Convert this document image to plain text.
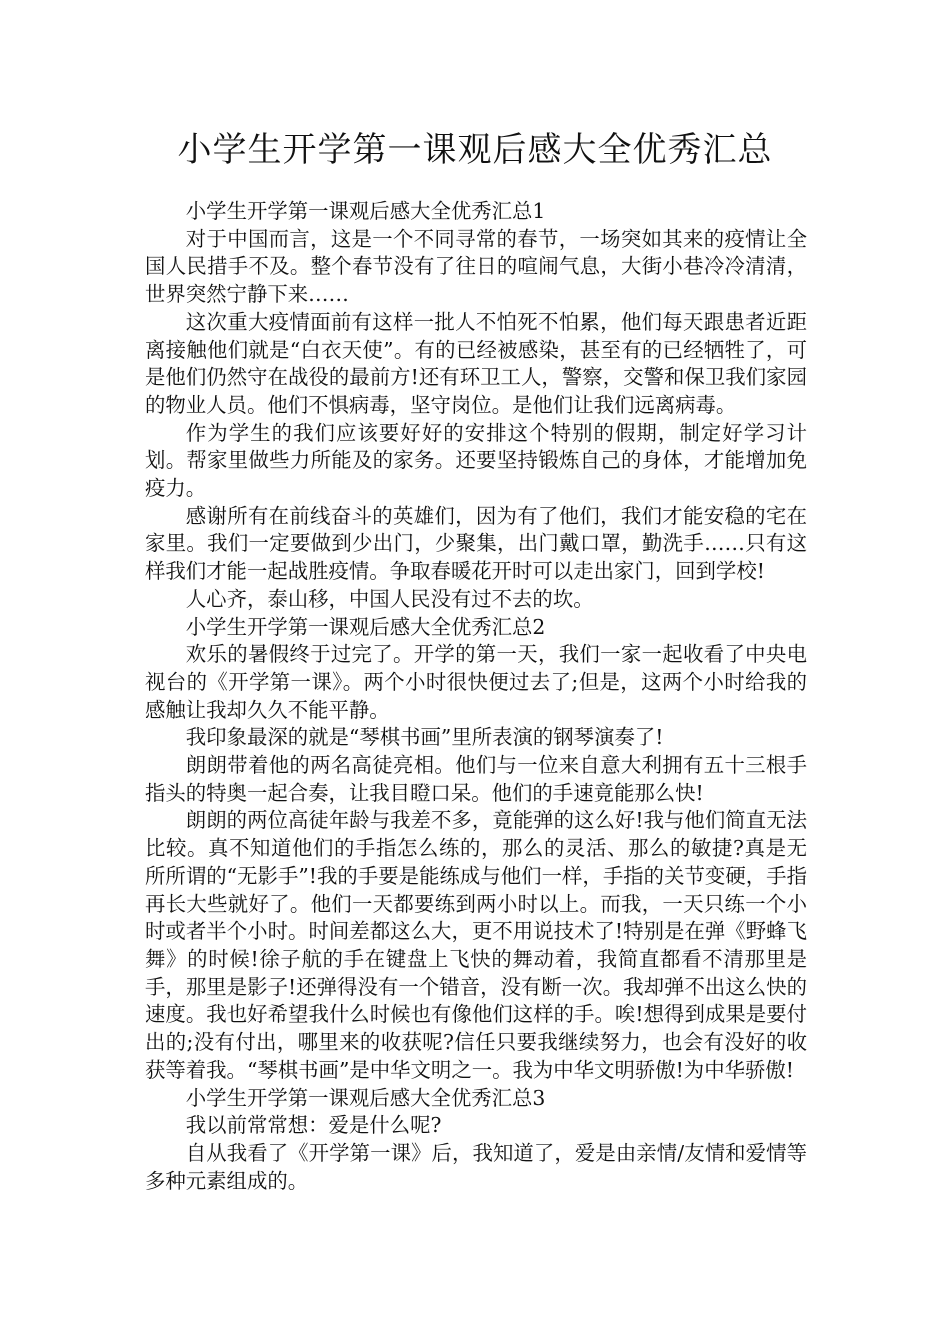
小学生开学第一课观后感大全优秀汇总

小学生开学第一课观后感大全优秀汇总1

对于中国而言，这是一个不同寻常的春节，一场突如其来的疫情让全国人民措手不及。整个春节没有了往日的喧闹气息，大街小巷冷冷清清，世界突然宁静下来……

这次重大疫情面前有这样一批人不怕死不怕累，他们每天跟患者近距离接触他们就是“白衣天使”。有的已经被感染，甚至有的已经牺牲了，可是他们仍然守在战役的最前方!还有环卫工人，警察，交警和保卫我们家园的物业人员。他们不惧病毒，坚守岗位。是他们让我们远离病毒。

作为学生的我们应该要好好的安排这个特别的假期，制定好学习计划。帮家里做些力所能及的家务。还要坚持锻炼自己的身体，才能增加免疫力。

感谢所有在前线奋斗的英雄们，因为有了他们，我们才能安稳的宅在家里。我们一定要做到少出门，少聚集，出门戴口罩，勤洗手……只有这样我们才能一起战胜疫情。争取春暖花开时可以走出家门，回到学校!

人心齐，泰山移，中国人民没有过不去的坎。

小学生开学第一课观后感大全优秀汇总2

欢乐的暑假终于过完了。开学的第一天，我们一家一起收看了中央电视台的《开学第一课》。两个小时很快便过去了;但是，这两个小时给我的感触让我却久久不能平静。

我印象最深的就是“琴棋书画”里所表演的钢琴演奏了!

朗朗带着他的两名高徒亮相。他们与一位来自意大利拥有五十三根手指头的特奥一起合奏，让我目瞪口呆。他们的手速竟能那么快!

朗朗的两位高徒年龄与我差不多，竟能弹的这么好!我与他们简直无法比较。真不知道他们的手指怎么练的，那么的灵活、那么的敏捷?真是无所所谓的“无影手”!我的手要是能练成与他们一样，手指的关节变硬，手指再长大些就好了。他们一天都要练到两小时以上。而我，一天只练一个小时或者半个小时。时间差都这么大，更不用说技术了!特别是在弹《野蜂飞舞》的时候!徐子航的手在键盘上飞快的舞动着，我简直都看不清那里是手，那里是影子!还弹得没有一个错音，没有断一次。我却弹不出这么快的速度。我也好希望我什么时候也有像他们这样的手。唉!想得到成果是要付出的;没有付出，哪里来的收获呢?信任只要我继续努力，也会有没好的收获等着我。“琴棋书画”是中华文明之一。我为中华文明骄傲!为中华骄傲!

小学生开学第一课观后感大全优秀汇总3

我以前常常想：爱是什么呢?

自从我看了《开学第一课》后，我知道了，爱是由亲情/友情和爱情等多种元素组成的。
